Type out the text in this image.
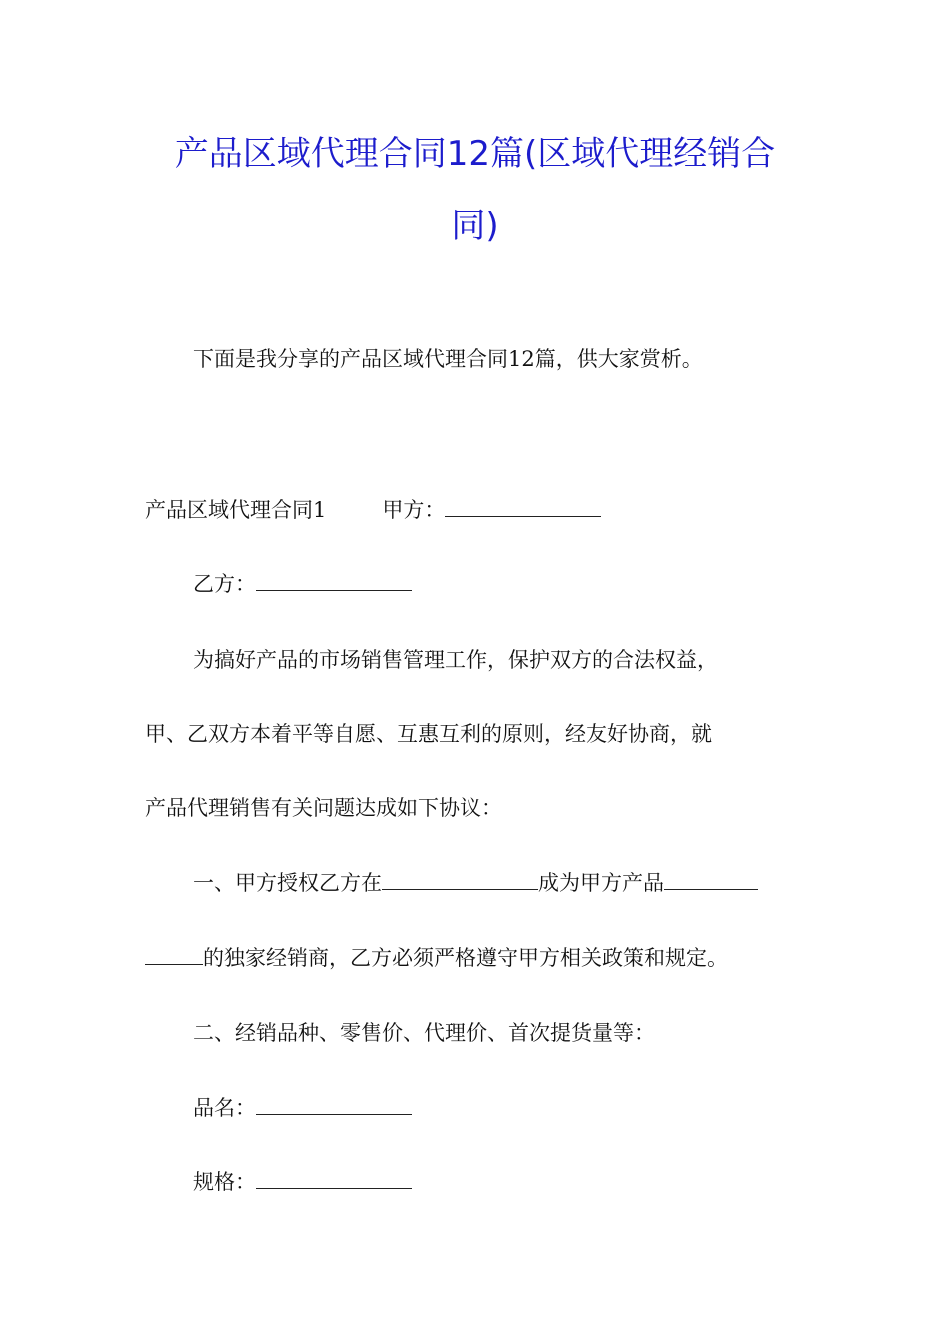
产品区域代理合同12篇(区域代理经销合
同)
下面是我分享的产品区域代理合同12篇，供大家赏析。
产品区域代理合同1	甲方：
乙方：
为搞好产品的市场销售管理工作，保护双方的合法权益，
甲、乙双方本着平等自愿、互惠互利的原则，经友好协商，就
产品代理销售有关问题达成如下协议：
一、甲方授权乙方在	成为甲方产品
的独家经销商，乙方必须严格遵守甲方相关政策和规定。
二、经销品种、零售价、代理价、首次提货量等：
品名：
规格：
